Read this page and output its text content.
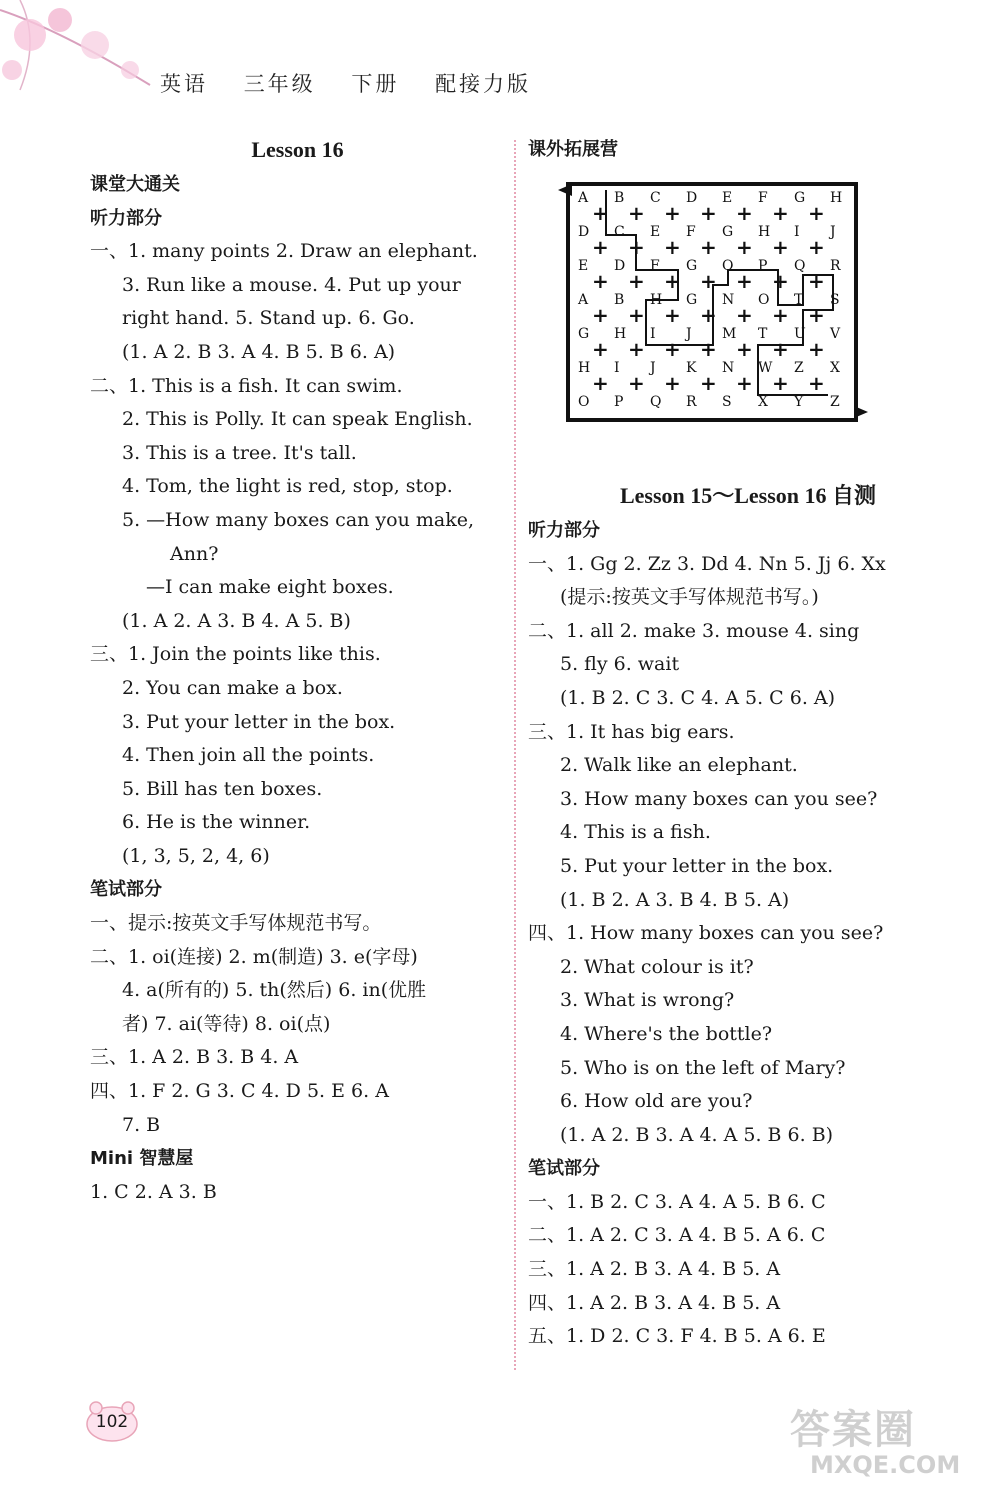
英语 三年级 下册 配接力版
Lesson 16
课堂大通关
听力部分
一、1. many points 2. Draw an elephant.
3. Run like a mouse. 4. Put up your
right hand. 5. Stand up. 6. Go.
(1. A 2. B 3. A 4. B 5. B 6. A)
二、1. This is a fish. It can swim.
2. This is Polly. It can speak English.
3. This is a tree. It's tall.
4. Tom, the light is red, stop, stop.
5. —How many boxes can you make,
Ann?
—I can make eight boxes.
(1. A 2. A 3. B 4. A 5. B)
三、1. Join the points like this.
2. You can make a box.
3. Put your letter in the box.
4. Then join all the points.
5. Bill has ten boxes.
6. He is the winner.
(1, 3, 5, 2, 4, 6)
笔试部分
一、提示:按英文手写体规范书写。
二、1. oi(连接) 2. m(制造) 3. e(字母)
4. a(所有的) 5. th(然后) 6. in(优胜
者) 7. ai(等待) 8. oi(点)
三、1. A 2. B 3. B 4. A
四、1. F 2. G 3. C 4. D 5. E 6. A
7. B
Mini 智慧屋
1. C 2. A 3. B
课外拓展营
A
+
B
+
C
+
D
+
E
+
F
+
G
+
H
D
+
C
+
E
+
F
+
G
+
H
+
I
+
J
E
+
D
+
F
+
G
+
O
+
P
+
Q
+
R
A
+
B
+
H
+
G
+
N
+
O
+
T
+
S
G
+
H
+
I
+
J
+
M
+
T
+
U
+
V
H
+
I
+
J
+
K
+
N
+
W
+
Z
+
X
O P Q R S X Y Z
Lesson 15～Lesson 16 自测
听力部分
一、1. Gg 2. Zz 3. Dd 4. Nn 5. Jj 6. Xx
(提示:按英文手写体规范书写。)
二、1. all 2. make 3. mouse 4. sing
5. fly 6. wait
(1. B 2. C 3. C 4. A 5. C 6. A)
三、1. It has big ears.
2. Walk like an elephant.
3. How many boxes can you see?
4. This is a fish.
5. Put your letter in the box.
(1. B 2. A 3. B 4. B 5. A)
四、1. How many boxes can you see?
2. What colour is it?
3. What is wrong?
4. Where's the bottle?
5. Who is on the left of Mary?
6. How old are you?
(1. A 2. B 3. A 4. A 5. B 6. B)
笔试部分
一、1. B 2. C 3. A 4. A 5. B 6. C
二、1. A 2. C 3. A 4. B 5. A 6. C
三、1. A 2. B 3. A 4. B 5. A
四、1. A 2. B 3. A 4. B 5. A
五、1. D 2. C 3. F 4. B 5. A 6. E
102	答案圈
MXQE.COM
